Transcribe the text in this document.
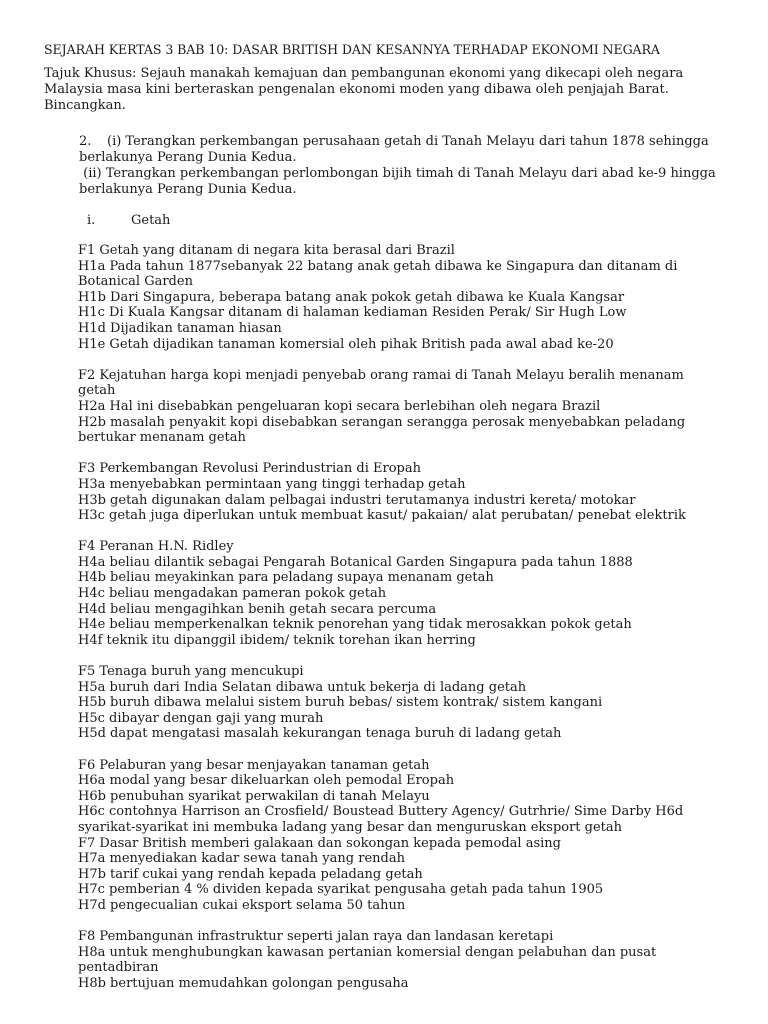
SEJARAH KERTAS 3 BAB 10: DASAR BRITISH DAN KESANNYA TERHADAP EKONOMI NEGARA
Tajuk Khusus: Sejauh manakah kemajuan dan pembangunan ekonomi yang dikecapi oleh negara Malaysia masa kini berteraskan pengenalan ekonomi moden yang dibawa oleh penjajah Barat. Bincangkan.
2. (i) Terangkan perkembangan perusahaan getah di Tanah Melayu dari tahun 1878 sehingga berlakunya Perang Dunia Kedua.
(ii) Terangkan perkembangan perlombongan bijih timah di Tanah Melayu dari abad ke-9 hingga berlakunya Perang Dunia Kedua.
i.	Getah
F1 Getah yang ditanam di negara kita berasal dari Brazil
H1a Pada tahun 1877sebanyak 22 batang anak getah dibawa ke Singapura dan ditanam di Botanical Garden
H1b Dari Singapura, beberapa batang anak pokok getah dibawa ke Kuala Kangsar
H1c Di Kuala Kangsar ditanam di halaman kediaman Residen Perak/ Sir Hugh Low
H1d Dijadikan tanaman hiasan
H1e Getah dijadikan tanaman komersial oleh pihak British pada awal abad ke-20
F2 Kejatuhan harga kopi menjadi penyebab orang ramai di Tanah Melayu beralih menanam getah
H2a Hal ini disebabkan pengeluaran kopi secara berlebihan oleh negara Brazil
H2b masalah penyakit kopi disebabkan serangan serangga perosak menyebabkan peladang bertukar menanam getah
F3 Perkembangan Revolusi Perindustrian di Eropah
H3a menyebabkan permintaan yang tinggi terhadap getah
H3b getah digunakan dalam pelbagai industri terutamanya industri kereta/ motokar
H3c getah juga diperlukan untuk membuat kasut/ pakaian/ alat perubatan/ penebat elektrik
F4 Peranan H.N. Ridley
H4a beliau dilantik sebagai Pengarah Botanical Garden Singapura pada tahun 1888
H4b beliau meyakinkan para peladang supaya menanam getah
H4c beliau mengadakan pameran pokok getah
H4d beliau mengagihkan benih getah secara percuma
H4e beliau memperkenalkan teknik penorehan yang tidak merosakkan pokok getah
H4f teknik itu dipanggil ibidem/ teknik torehan ikan herring
F5 Tenaga buruh yang mencukupi
H5a buruh dari India Selatan dibawa untuk bekerja di ladang getah
H5b buruh dibawa melalui sistem buruh bebas/ sistem kontrak/ sistem kangani
H5c dibayar dengan gaji yang murah
H5d dapat mengatasi masalah kekurangan tenaga buruh di ladang getah
F6 Pelaburan yang besar menjayakan tanaman getah
H6a modal yang besar dikeluarkan oleh pemodal Eropah
H6b penubuhan syarikat perwakilan di tanah Melayu
H6c contohnya Harrison an Crosfield/ Boustead Buttery Agency/ Gutrhrie/ Sime Darby H6d syarikat-syarikat ini membuka ladang yang besar dan menguruskan eksport getah
F7 Dasar British memberi galakaan dan sokongan kepada pemodal asing
H7a menyediakan kadar sewa tanah yang rendah
H7b tarif cukai yang rendah kepada peladang getah
H7c pemberian 4 % dividen kepada syarikat pengusaha getah pada tahun 1905
H7d pengecualian cukai eksport selama 50 tahun
F8 Pembangunan infrastruktur seperti jalan raya dan landasan keretapi
H8a untuk menghubungkan kawasan pertanian komersial dengan pelabuhan dan pusat pentadbiran
H8b bertujuan memudahkan golongan pengusaha
